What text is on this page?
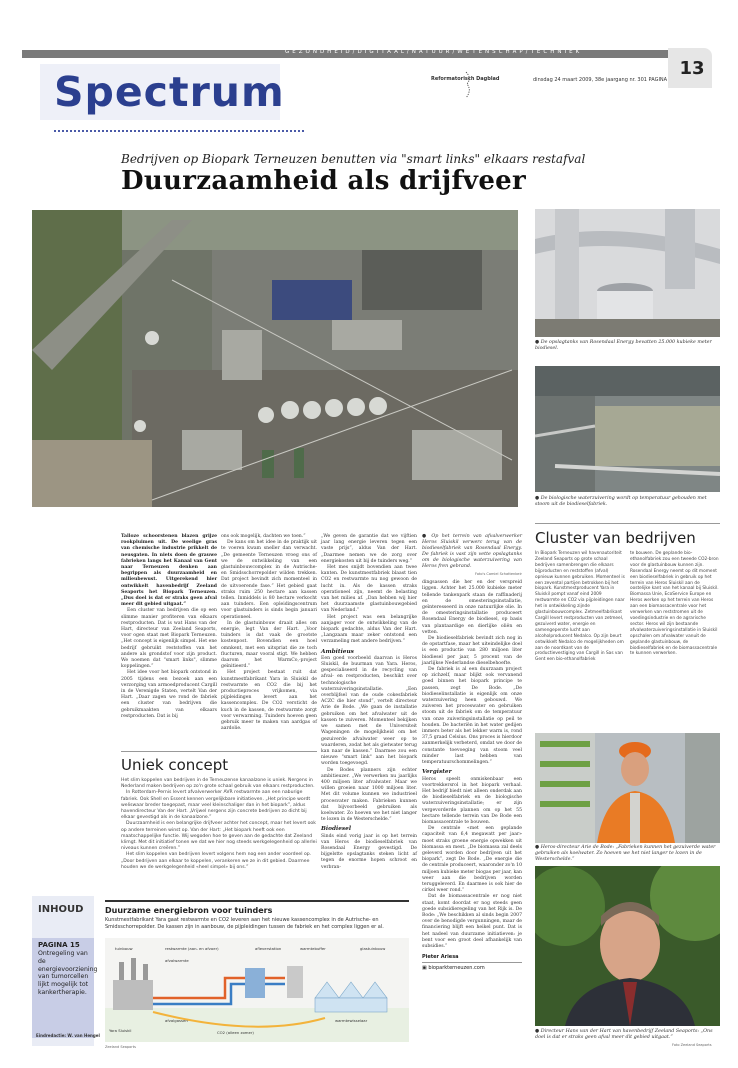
GEZONDHEID/DIGITAAL/NATUUR/WETENSCHAP/TECHNIEK
13
Spectrum	Reformatorisch Dagblad	dinsdag 24 maart 2009, 38e jaargang nr. 301 PAGINA
Bedrijven op Biopark Terneuzen benutten via "smart links" elkaars restafval
Duurzaamheid als drijfveer
● De opslagtanks van Rosendaal Energy bevatten 25.000 kubieke meter biodiesel.
● De biologische waterzuivering wordt op temperatuur gehouden met stoom uit de biodieselfabriek.

Talloze schoorstenen blazen grijze rookpluimen uit. De weelige gras van chemische industrie prikkelt de neusgaten. In niets doen de grauwe fabrieken langs het Kanaal van Gent naar Terneuzen denken aan begrippen als duurzaamheid en milieubewust. Uitgerekend hier ontwikkelt havenbedrijf Zeeland Seaports het Biopark Terneuzen. „Dus doel is dat er straks geen afval meer dit gebied uitgaat.”

Een cluster van bedrijven die op een slimme manier profiteren van elkaars restproducten. Dat is wat Hans van der Hart, directeur van Zeeland Seaports, voor ogen staat met Biopark Terneuzen. „Het concept is eigenlijk simpel. Het ene bedrijf gebruikt reststoffen van het andere als grondstof voor zijn product. We noemen dat "smart links", slimme koppelingen.”

Het idee voor het biopark ontstond in 2005 tijdens een bezoek aan een verzorging van armoedproducent Cargill in de Verenigde Staten, vertelt Van der Hart. „Daar zagen we rond de fabriek een cluster van bedrijven die gebruikmaakten van elkaars restproducten. Dat is bij

ons ook mogelijk, dachten we toen.”

De kans om het idee in de praktijk uit te voeren kwam sneller dan verwacht. „De gemeente Terneuzen vroeg ons of we de ontwikkeling van een glastuinbouwcomplex in de Autrische- en Smidsschorrepolder wilden trekken. Dat project bevindt zich momenteel in de uitvoerende fase.” Het gebied gaat straks ruim 250 hectare aan kassen tellen. Inmiddels is 80 hectare verkocht aan tuinders. Een opleidingscentrum voor glastuinders is sinds begin januari operationeel.

In de glastuinbouw draait alles om energie, legt Van der Hart. „Voor tuinders is dat vaak de grootste kostenpost. Bovendien een hoel omnkent, met een uitspriat die ze toch flucturen, maar vooral stigt. We hebben daarom het WarmCo,-project geïnitieerd.”

Het project bestaat ruit dat kunstmestfabrikant Yara in Sluiskil de restwarmte en CO2 die bij het productieproces vrijkomen, via pijpleidingen levert aan het kassencomplex. De CO2 versticht de kuch in de kassen, de restwarmte zorgt voor verwarming. Tuinders hoeven geen gebruik meer te maken van aardgas of aardolie.

„We geven de garantie dat we vijftien jaar lang energie leveren tegen een vaste prijs”, aldus Van der Hart. „Daarmee nemen we de zorg over energiekosten uit bij de tuinders weg.”

Het mes snijdt bovendien aan twee kanten. De kunstmestfabriek blaast tien CO2 en restwarmte nu nog gewoon de lucht in. Als de kassen straks operationeel zijn, neemt de belasting van het milieu af. „Dan hebben wij hier het duurzaamste glastuinbouwgebied van Nederland.”

Het project was een belangrijke aanjager voor de ontwikkeling van de biopark gedachte, aldus Van der Hart. „Langzaam maar zeker ontstond een verzameling met andere bedrijven.”

Ambitieus

Een goed voorbeeld daarvan is Heros Sluiskil, de buurman van Yara. Heros, gespecialiseerd in de recycling van afval- en restproducten, beschikt over technologische waterzuiveringsinstallatie. „Een overblijfsel van de oude cokesfabriek ACZC die hier stond”, vertelt directeur Arie de Bode. „We gaan de installatie gebruiken om het afvalwater uit de kassen te zuiveren. Momenteel bekijken we samen met de Universiteit Wageningen de mogelijkheid om het gezuiverde afvalwater weer op te waarderen, zodat het als gietwater terug kan naar de kassen.” Daarmee zou een nieuwe "smart link" aan het biopark worden toegevoegd.

De Bodes planners zijn echter ambitieuzer. „We verwerken nu jaarlijks 400 miljoen liter afvalwater. Maar we willen groeien naar 1000 miljoen liter. Met dit volume kunnen we industrieel procesvater maken. Fabrieken kunnen dat bijvoorbeeld gebruiken als koelwater. Zo hoeven we het niet langer te lozen in de Westerschelde.”

Biodiesel

Sinds eind vorig jaar is op het terrein van Heros de biodieselfabriek van Rosendaal Energy gevestigd. De bijgelstte opslagtanks steken licht af tegen de enorme hopen schroot en verbran-

● Op het terrein van afvalverwerker Heros Sluiskil verwerc terug van de biodieselfabriek van Rosendaal Energy. De fabriek is vast zijn vette opslagtanks om de biologische waterzuivering van Heros fren gebrand.
Foto's Camiel Schattenbeir

dingsassen die her en der verspreid liggen. Achter het 25.000 kubieke meter tellende tankenpark staan de raffinaderij en de omesteringsinstallatie, geïnteresseerd in onze natuurlijke olie. In de omesteringsinstallatie produceert Rosendaal Energy de biodiesel, op basis van plantaardige en dierlijke oliën en vetten.

De biodieselfabriek bevindt zich nog in de opstartfase, maar het uiteindelijke doel is een productie van 280 miljoen liter biodiesel per jaar, 5 procent van de jaarlijkse Nederlandse dieselbehoefte.

De fabriek is al een duurzaam project op zichzelf, maar blijkt ook vervanend goed binnen het biopark principe te passen, zegt De Bode. „De biodieselinstallatie is eigenlijk om onze waterzuivering heen gebouwd. We zuiveren het proceswater en gebruiken stoom uit de fabriek om de temperatuur van onze zuiveringsinstallatie op peil te houden. De bacteriën in het water gedijen immers beter als het lekker warm is, rond 37,5 graad Celsius. Ons proces is hierdoor aanmerkelijk verbeterd, omdat we door de constante toevoeging van stoom veel minder last hebben van temperatuurschommelingen.”

Vergister

Heros speelt onmiskenbaar een voortrekkersrol in het biopark verhaal. Het bedrijf biedt niet alleen onderdak aan de biodieselfabriek en de biologische waterzuiveringsinstallatie; er zijn vergevorderde plannen om op het 55 hectare tellende terrein van De Bode een biomassacentrale te bouwen.

De centrale «met een geplande capaciteit van 6,4 megawatt per jaar» moet straks groene energie opwekken uit biomassa en mest. „De biomassa zal deels geleverd worden door bedrijven uit het biopark”, zegt De Bode. „De energie die de centrale produceert, waaronder zo'n 10 miljoen kubieke meter biogas per jaar, kan weer aan die bedrijven worden teruggeleverd. En daarmee is ook hier de cirkel weer rond.”

Dat de biomassacentrale er nog niet staat, komt doordat er nog steeds geen goede subsidieregeling van het Rijk is. De Bode: „We beschikken al sinds begin 2007 over de benodigde vergunningen, maar de financiering blijft een heikel punt. Dat is het nadeel van duurzame initiatieven: je bent voor een groot deel afhankelijk van subsidies.”

Pieter Ariesa
▣ bioparkterneuzen.com
Uniek concept

Het slim koppelen van bedrijven in de Terneuzense kanaalzone is uniek. Nergens in Nederland maken bedrijven op zo'n grote schaal gebruik van elkaars restproducten.

In Rotterdam-Pernis levert afvalverwerker AVR restwarmte aan een naburige fabriek. Ook Shell en Essent kennen vergelijkbare initiatieven. „Het principe wordt weliswaar breder toegepast, maar veel kleinschaliger dan in het biopark”, aldus havendirecteur Van der Hart. „Vrijwel nergens zijn concrete bedrijven zo dicht bij elkaar gevestigd als in de kanaalzone.”

Duurzaamheid is een belangrijke drijfveer achter het concept, maar het levert ook op andere terreinen winst op. Van der Hart: „Het biopark heeft ook een maatschappelijke functie. Wij wegoden hoe te geven aan de gedachte dat Zeeland klimgt. Met dit initiatief tonen we dat we hier nog steeds werkgelegenheid op allerlei niveaus kunnen creëren.”

Het slim koppelen van bedrijven levert volgens hem nog een ander voordeel op. „Door bedrijven aan elkaar te koppelen, verankeren we ze in dit gebied. Daarmee houden we de werkgelegenheid «heel simpel» bij ons.”

Cluster van bedrijven
In Biopark Terneuzen wil havenautoriteit Zeeland Seaports op grote schaal bedrijven samenbrengen die elkaars bijproducten en reststoffen (afval) opnieuw kunnen gebruiken. Momenteel is een zevental partijen betrokken bij het biopark. Kunstmestproducent Yara in Sluiskil pompt vanaf eind 2009 restwarmte en CO2 via pijpleidingen naar het in ontwikkeling zijnde glastuinbouwcomplex. Zetmeelfabrikant Cargill levert restproducten van zetmeel, gezuiverd water, energie en samengeperste lucht aan alcoholproducent Nedalco. Op zijn beurt ontwikkelt Nedalco de mogelijkheden om aan de noordkant van de productievestiging van Cargill in Sas van Gent een bio-ethanolfabriek
te bouwen. De geplande bio-ethanolfabriek zou een tweede CO2-bron voor de glastuinbouw kunnen zijn. Rosendaal Energy neemt op dit moment een biodieselfabriek in gebruik op het terrein van Heros Sluiskil aan de oostelijke kant van het kanaal bij Sluiskil. Biomassa Unie, EcoService Europe en Heros werken op het terrein van Heros aan een biomassacentrale voor het verwerken van reststromen uit de voedingsindustrie en de agrarische sector. Heros wil zijn bestaande afvalwaterzuiveringsinstallatie in Sluiskil opschalen om afvalwater vanuit de geplande glastuinbouw, de biodieselfabriek en de biomassacentrale te kunnen verwerken.
● Heros-directeur Arie de Bode: „Fabrieken kunnen het gezuiverde water gebruiken als koelwater. Zo hoeven we het niet langer te lozen in de Westerschelde.”
● Directeur Hans van der Hart van havenbedrijf Zeeland Seaports: „Ons doel is dat er straks geen afval meer dit gebied uitgaat.”
Foto Zeeland Seaports
INHOUD
PAGINA 15
Ontregeling van de energievoorziening van tumorcellen lijkt mogelijk tot kankertherapie.
Eindredactie: W. van Hengel
Duurzame energiebron voor tuinders
Kunstmestfabrikant Yara gaat restwarmte en CO2 leveren aan het nieuwe kassencomplex in de Autrische- en Smidsschorrepolder. De kassen zijn in aanbouw, de pijpleidingen tussen de fabriek en het complex liggen er al.
tuinbouw	restwarmte (aan- en afvoer)	afleverstation	warmtebuffer	glastuinbouw
Yara Sluiskil	CO2 (alleen zomer)
afvalgassen
afvalwarmte
warmtewisselaar
Zeeland Seaports
